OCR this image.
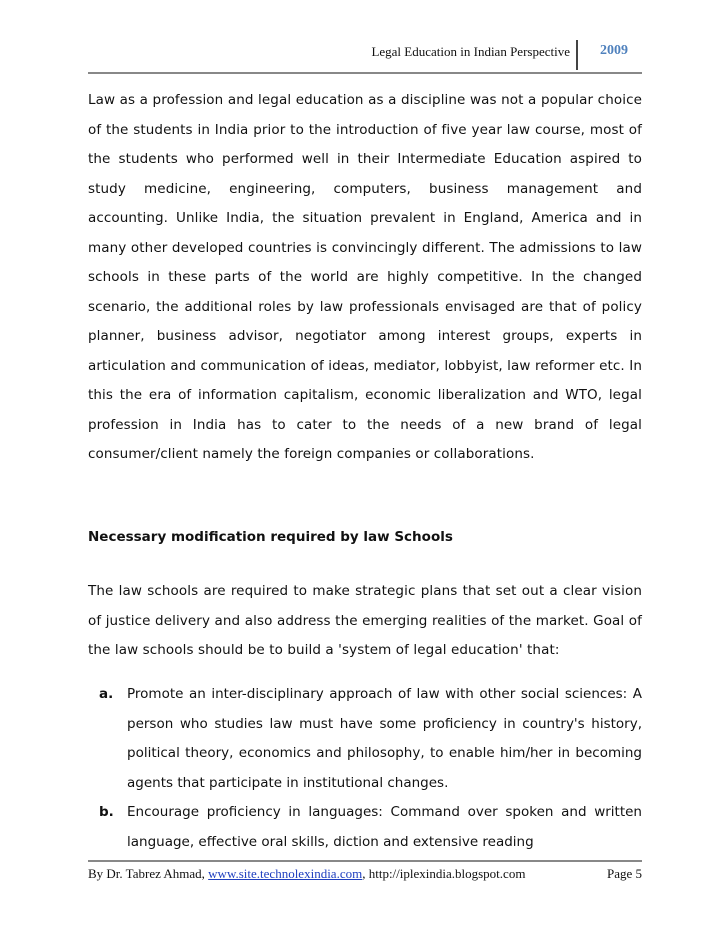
Legal Education in Indian Perspective 2009
Law as a profession and legal education as a discipline was not a popular choice of the students in India prior to the introduction of five year law course, most of the students who performed well in their Intermediate Education aspired to study medicine, engineering, computers, business management and accounting. Unlike India, the situation prevalent in England, America and in many other developed countries is convincingly different. The admissions to law schools in these parts of the world are highly competitive. In the changed scenario, the additional roles by law professionals envisaged are that of policy planner, business advisor, negotiator among interest groups, experts in articulation and communication of ideas, mediator, lobbyist, law reformer etc. In this the era of information capitalism, economic liberalization and WTO, legal profession in India has to cater to the needs of a new brand of legal consumer/client namely the foreign companies or collaborations.
Necessary modification required by law Schools
The law schools are required to make strategic plans that set out a clear vision of justice delivery and also address the emerging realities of the market. Goal of the law schools should be to build a 'system of legal education' that:
a. Promote an inter-disciplinary approach of law with other social sciences: A person who studies law must have some proficiency in country's history, political theory, economics and philosophy, to enable him/her in becoming agents that participate in institutional changes.
b. Encourage proficiency in languages: Command over spoken and written language, effective oral skills, diction and extensive reading
By Dr. Tabrez Ahmad, www.site.technolexindia.com, http://iplexindia.blogspot.com	Page 5
